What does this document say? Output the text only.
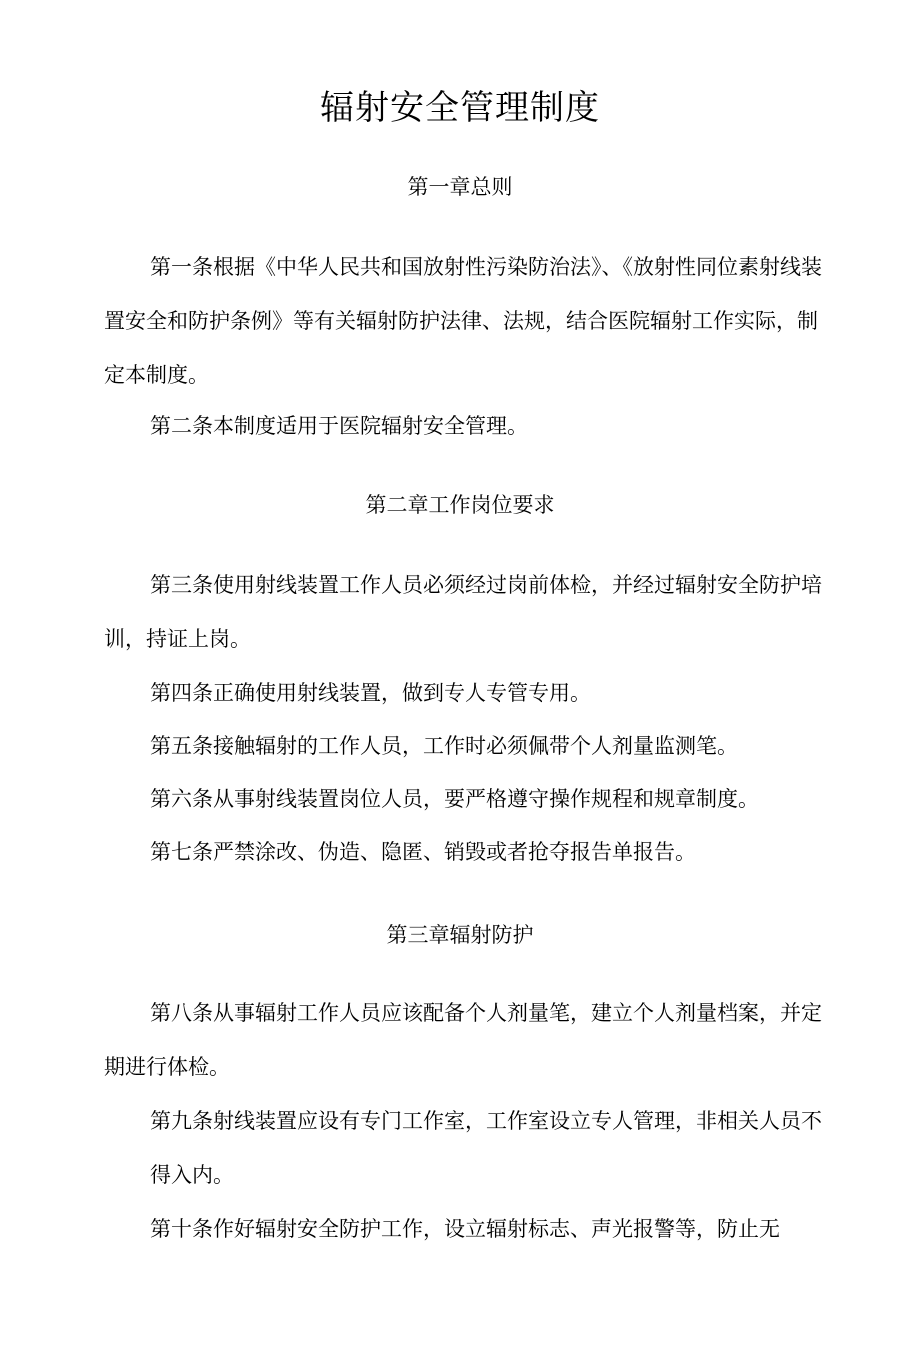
辐射安全管理制度
第一章总则

第一条根据《中华人民共和国放射性污染防治法》、《放射性同位素射线装置安全和防护条例》等有关辐射防护法律、法规，结合医院辐射工作实际，制定本制度。

第二条本制度适用于医院辐射安全管理。

第二章工作岗位要求

第三条使用射线装置工作人员必须经过岗前体检，并经过辐射安全防护培训，持证上岗。

第四条正确使用射线装置，做到专人专管专用。

第五条接触辐射的工作人员，工作时必须佩带个人剂量监测笔。

第六条从事射线装置岗位人员，要严格遵守操作规程和规章制度。

第七条严禁涂改、伪造、隐匿、销毁或者抢夺报告单报告。

第三章辐射防护

第八条从事辐射工作人员应该配备个人剂量笔，建立个人剂量档案，并定期进行体检。

第九条射线装置应设有专门工作室，工作室设立专人管理，非相关人员不得入内。

第十条作好辐射安全防护工作，设立辐射标志、声光报警等，防止无
